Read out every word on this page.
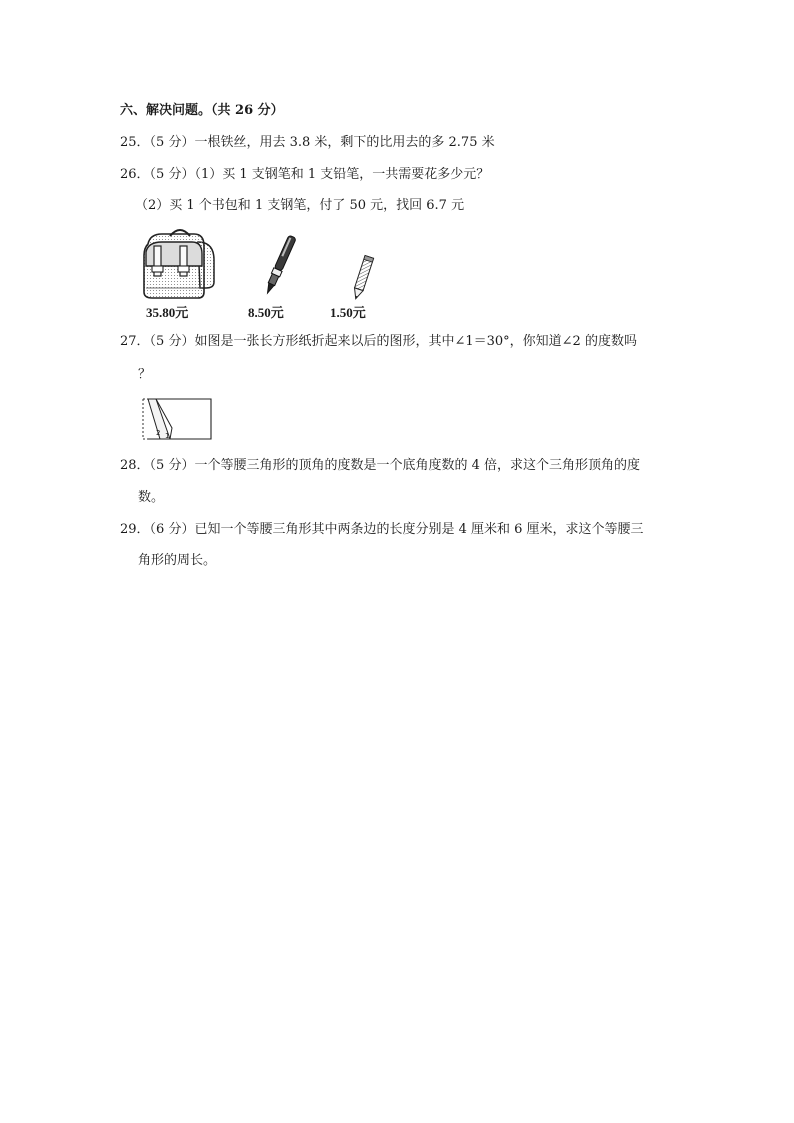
六、解决问题。（共 26 分）
25．（5 分）一根铁丝，用去 3.8 米，剩下的比用去的多 2.75 米
26．（5 分）（1）买 1 支钢笔和 1 支铅笔，一共需要花多少元？
（2）买 1 个书包和 1 支钢笔，付了 50 元，找回 6.7 元
35.80元	8.50元	1.50元
27．（5 分）如图是一张长方形纸折起来以后的图形，其中∠1＝30°，你知道∠2 的度数吗
？
2 1
28．（5 分）一个等腰三角形的顶角的度数是一个底角度数的 4 倍，求这个三角形顶角的度
数。
29．（6 分）已知一个等腰三角形其中两条边的长度分别是 4 厘米和 6 厘米，求这个等腰三
角形的周长。
